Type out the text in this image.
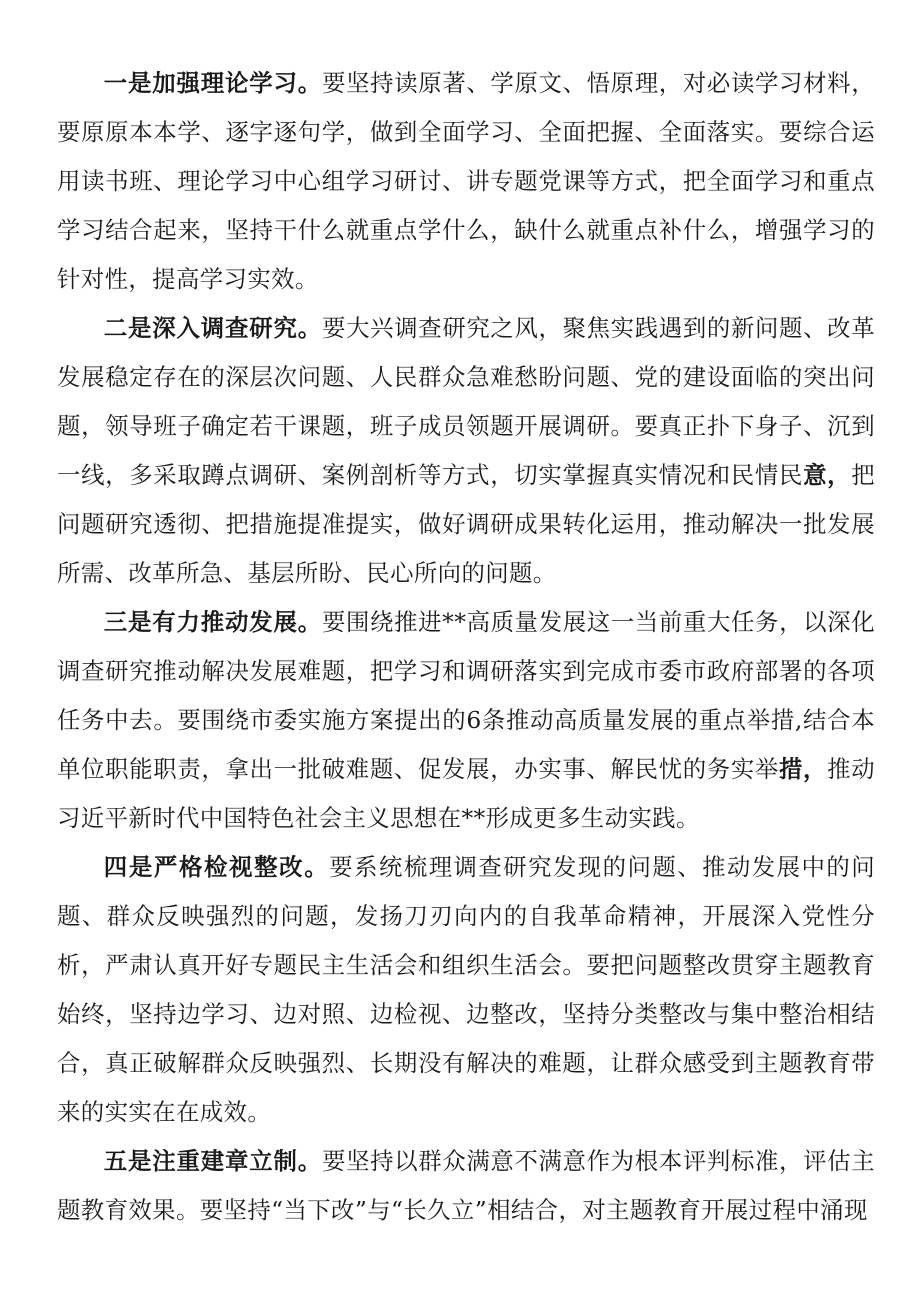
一是加强理论学习。要坚持读原著、学原文、悟原理，对必读学习材料，要原原本本学、逐字逐句学，做到全面学习、全面把握、全面落实。要综合运用读书班、理论学习中心组学习研讨、讲专题党课等方式，把全面学习和重点学习结合起来，坚持干什么就重点学什么，缺什么就重点补什么，增强学习的针对性，提高学习实效。

二是深入调查研究。要大兴调查研究之风，聚焦实践遇到的新问题、改革发展稳定存在的深层次问题、人民群众急难愁盼问题、党的建设面临的突出问题，领导班子确定若干课题，班子成员领题开展调研。要真正扑下身子、沉到一线，多采取蹲点调研、案例剖析等方式，切实掌握真实情况和民情民意，把问题研究透彻、把措施提准提实，做好调研成果转化运用，推动解决一批发展所需、改革所急、基层所盼、民心所向的问题。

三是有力推动发展。要围绕推进**高质量发展这一当前重大任务，以深化调查研究推动解决发展难题，把学习和调研落实到完成市委市政府部署的各项任务中去。要围绕市委实施方案提出的6条推动高质量发展的重点举措,结合本单位职能职责，拿出一批破难题、促发展，办实事、解民忧的务实举措，推动习近平新时代中国特色社会主义思想在**形成更多生动实践。

四是严格检视整改。要系统梳理调查研究发现的问题、推动发展中的问题、群众反映强烈的问题，发扬刀刃向内的自我革命精神，开展深入党性分析，严肃认真开好专题民主生活会和组织生活会。要把问题整改贯穿主题教育始终，坚持边学习、边对照、边检视、边整改，坚持分类整改与集中整治相结合，真正破解群众反映强烈、长期没有解决的难题，让群众感受到主题教育带来的实实在在成效。

五是注重建章立制。要坚持以群众满意不满意作为根本评判标准，评估主题教育效果。要坚持“当下改”与“长久立”相结合，对主题教育开展过程中涌现
